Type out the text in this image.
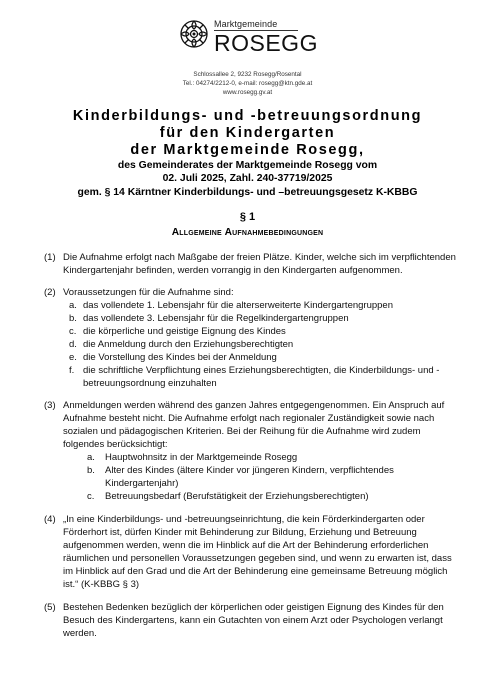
Marktgemeinde
ROSEGG
Schlossallee 2, 9232 Rosegg/Rosental
Tel.: 04274/2212-0, e-mail: rosegg@ktn.gde.at
www.rosegg.gv.at
Kinderbildungs- und -betreuungsordnung
für den Kindergarten
der Marktgemeinde Rosegg,
des Gemeinderates der Marktgemeinde Rosegg vom
02. Juli 2025, Zahl. 240-37719/2025
gem. § 14 Kärntner Kinderbildungs- und –betreuungsgesetz K-KBBG
§ 1
Allgemeine Aufnahmebedingungen
(1) Die Aufnahme erfolgt nach Maßgabe der freien Plätze. Kinder, welche sich im verpflichtenden
Kindergartenjahr befinden, werden vorrangig in den Kindergarten aufgenommen.
(2) Voraussetzungen für die Aufnahme sind:
a. das vollendete 1. Lebensjahr für die alterserweiterte Kindergartengruppen
b. das vollendete 3. Lebensjahr für die Regelkindergartengruppen
c. die körperliche und geistige Eignung des Kindes
d. die Anmeldung durch den Erziehungsberechtigten
e. die Vorstellung des Kindes bei der Anmeldung
f. die schriftliche Verpflichtung eines Erziehungsberechtigten, die Kinderbildungs- und -
betreuungsordnung einzuhalten
(3) Anmeldungen werden während des ganzen Jahres entgegengenommen. Ein Anspruch auf
Aufnahme besteht nicht. Die Aufnahme erfolgt nach regionaler Zuständigkeit sowie nach
sozialen und pädagogischen Kriterien. Bei der Reihung für die Aufnahme wird zudem
folgendes berücksichtigt:
a. Hauptwohnsitz in der Marktgemeinde Rosegg
b. Alter des Kindes (ältere Kinder vor jüngeren Kindern, verpflichtendes
Kindergartenjahr)
c. Betreuungsbedarf (Berufstätigkeit der Erziehungsberechtigten)
(4) „In eine Kinderbildungs- und -betreuungseinrichtung, die kein Förderkindergarten oder
Förderhort ist, dürfen Kinder mit Behinderung zur Bildung, Erziehung und Betreuung
aufgenommen werden, wenn die im Hinblick auf die Art der Behinderung erforderlichen
räumlichen und personellen Voraussetzungen gegeben sind, und wenn zu erwarten ist, dass
im Hinblick auf den Grad und die Art der Behinderung eine gemeinsame Betreuung möglich
ist.“ (K-KBBG § 3)
(5) Bestehen Bedenken bezüglich der körperlichen oder geistigen Eignung des Kindes für den
Besuch des Kindergartens, kann ein Gutachten von einem Arzt oder Psychologen verlangt
werden.
